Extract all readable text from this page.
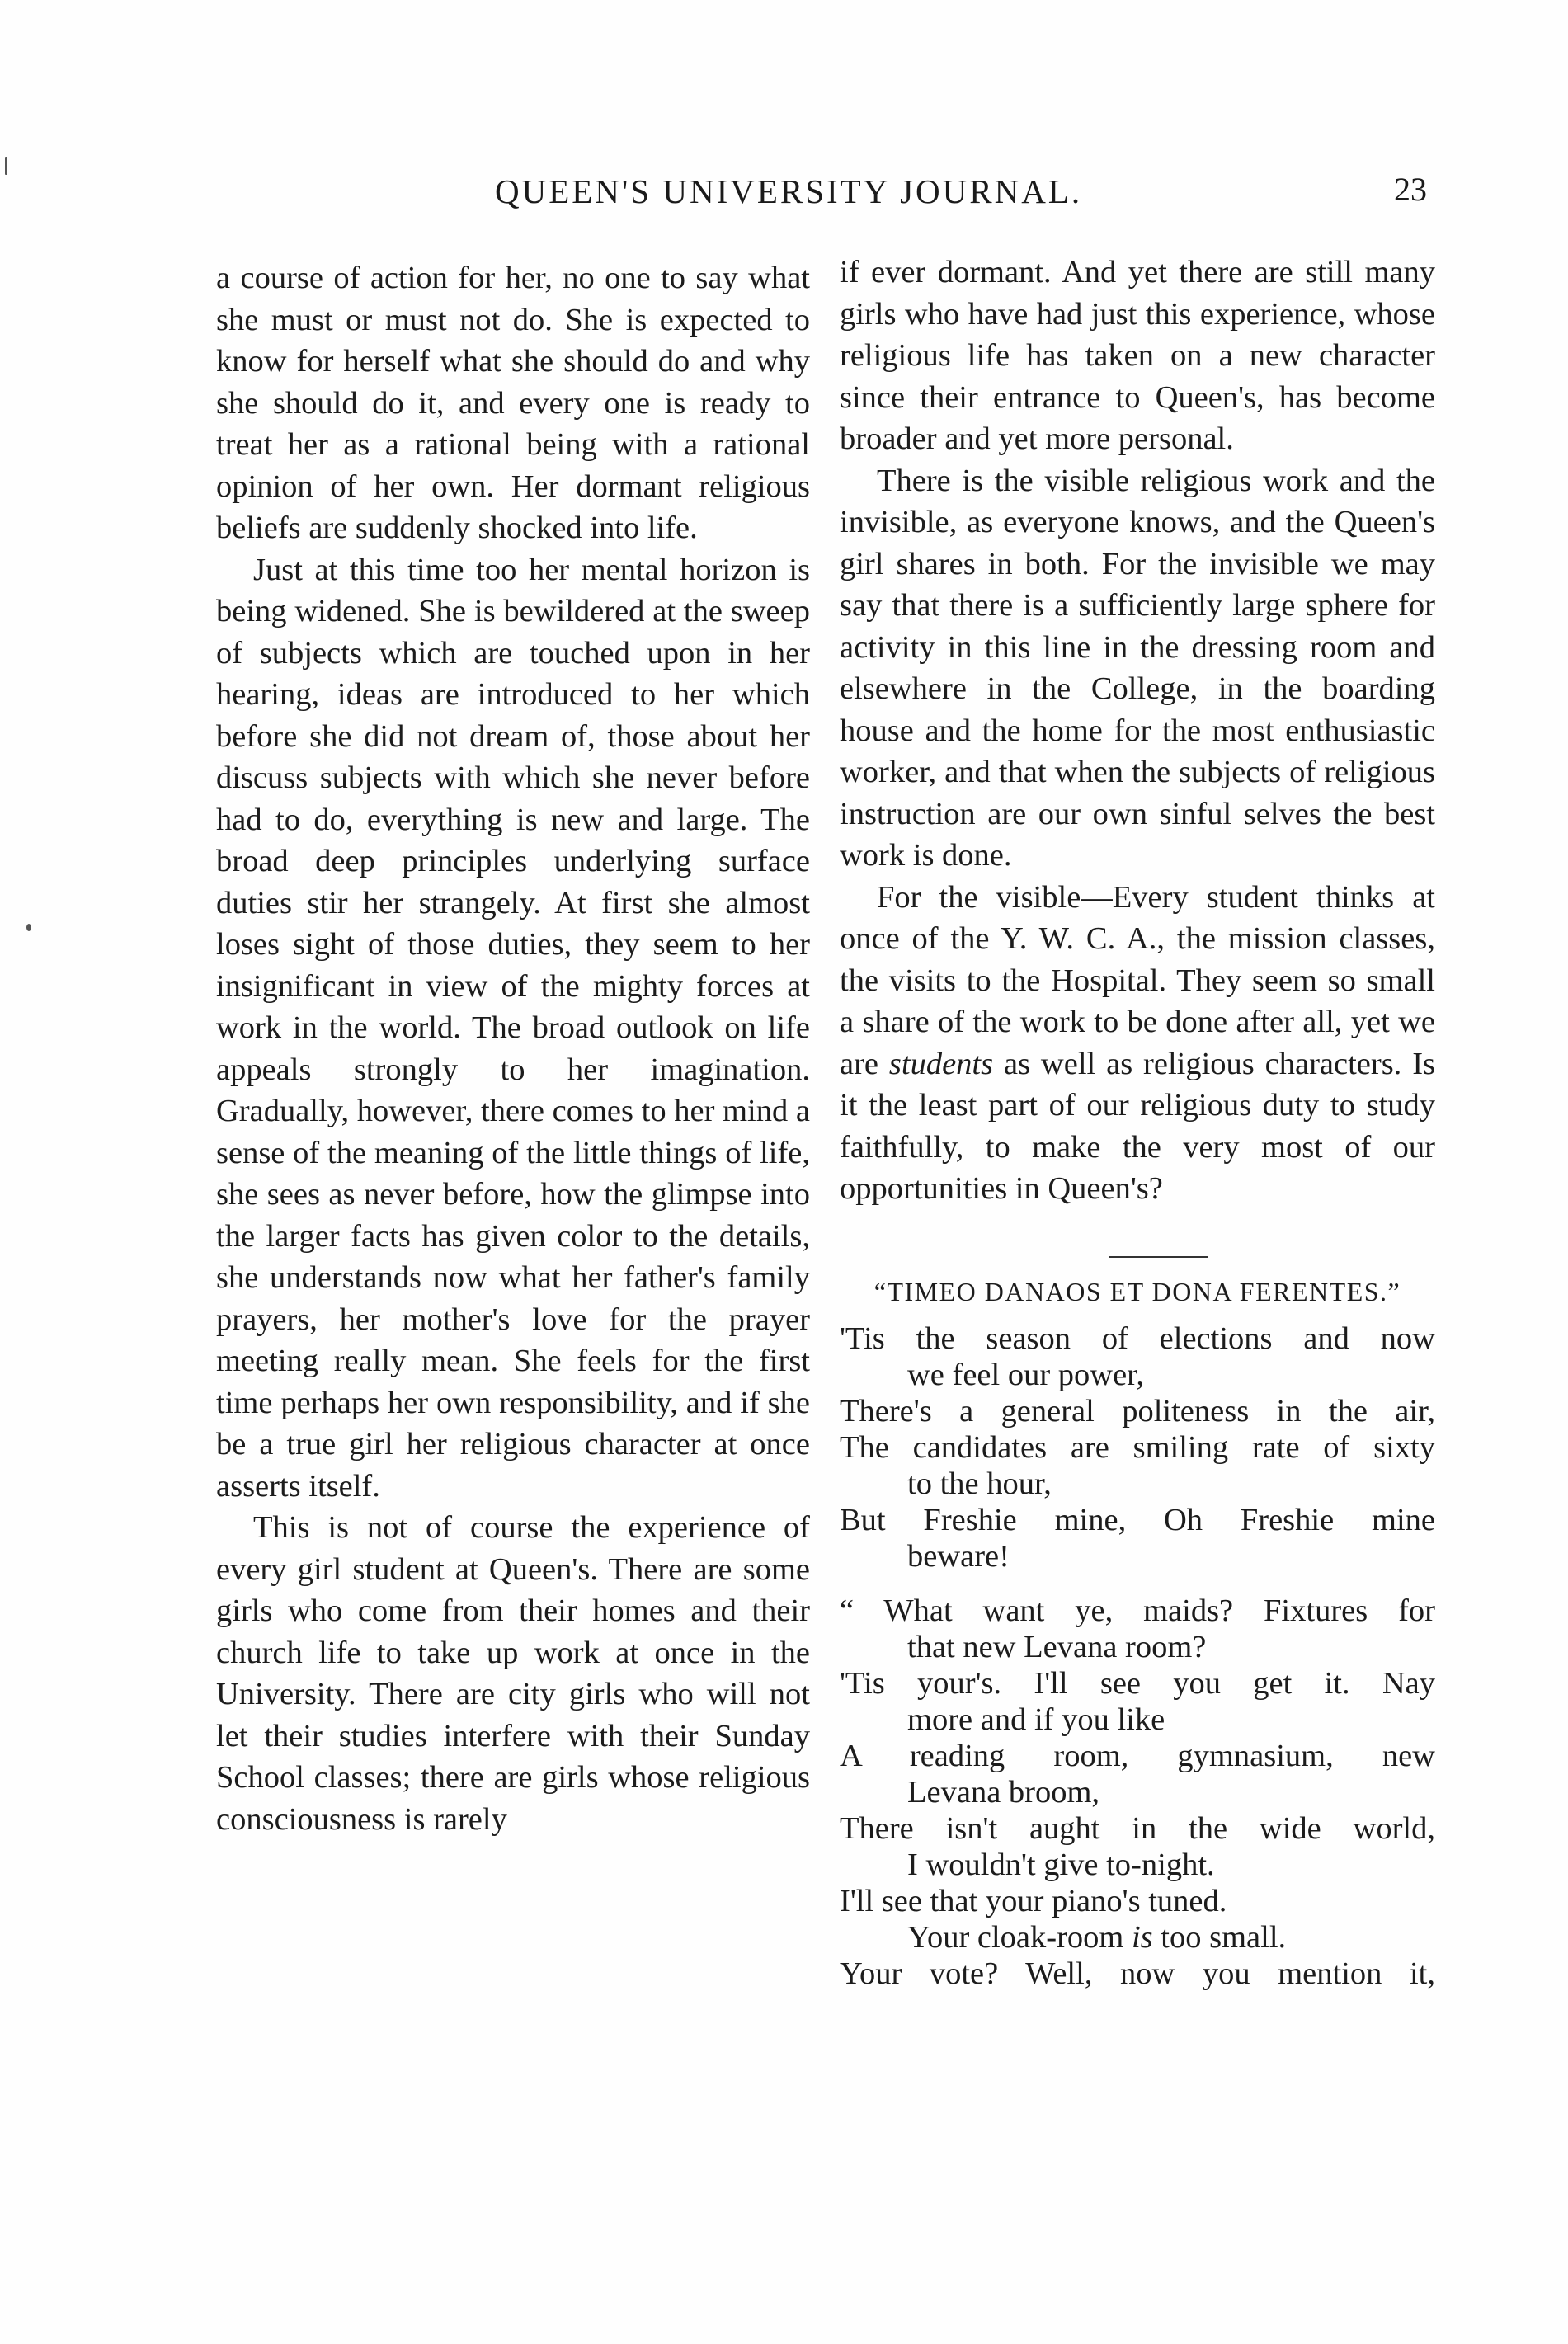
QUEEN'S UNIVERSITY JOURNAL.	23

a course of action for her, no one to say what she must or must not do. She is expected to know for herself what she should do and why she should do it, and every one is ready to treat her as a rational being with a rational opinion of her own. Her dormant religious beliefs are suddenly shocked into life.

Just at this time too her mental horizon is being widened. She is bewildered at the sweep of subjects which are touched upon in her hearing, ideas are introduced to her which before she did not dream of, those about her discuss subjects with which she never before had to do, everything is new and large. The broad deep principles underlying surface duties stir her strangely. At first she almost loses sight of those duties, they seem to her insignificant in view of the mighty forces at work in the world. The broad outlook on life appeals strongly to her imagination. Gradually, however, there comes to her mind a sense of the meaning of the little things of life, she sees as never before, how the glimpse into the larger facts has given color to the details, she understands now what her father's family prayers, her mother's love for the prayer meeting really mean. She feels for the first time perhaps her own responsibility, and if she be a true girl her religious character at once asserts itself.

This is not of course the experience of every girl student at Queen's. There are some girls who come from their homes and their church life to take up work at once in the University. There are city girls who will not let their studies interfere with their Sunday School classes; there are girls whose religious consciousness is rarely

if ever dormant. And yet there are still many girls who have had just this experience, whose religious life has taken on a new character since their entrance to Queen's, has become broader and yet more personal.

There is the visible religious work and the invisible, as everyone knows, and the Queen's girl shares in both. For the invisible we may say that there is a sufficiently large sphere for activity in this line in the dressing room and elsewhere in the College, in the boarding house and the home for the most enthusiastic worker, and that when the subjects of religious instruction are our own sinful selves the best work is done.

For the visible—Every student thinks at once of the Y. W. C. A., the mission classes, the visits to the Hospital. They seem so small a share of the work to be done after all, yet we are students as well as religious characters. Is it the least part of our religious duty to study faithfully, to make the very most of our opportunities in Queen's?

“TIMEO DANAOS ET DONA FERENTES.”
'Tis the season of elections and now
we feel our power,
There's a general politeness in the air,
The candidates are smiling rate of sixty
to the hour,
But Freshie mine, Oh Freshie mine
beware!
“ What want ye, maids? Fixtures for
that new Levana room?
'Tis your's. I'll see you get it. Nay
more and if you like
A reading room, gymnasium, new
Levana broom,
There isn't aught in the wide world,
I wouldn't give to-night.
I'll see that your piano's tuned.
Your cloak-room is too small.
Your vote? Well, now you mention it,
